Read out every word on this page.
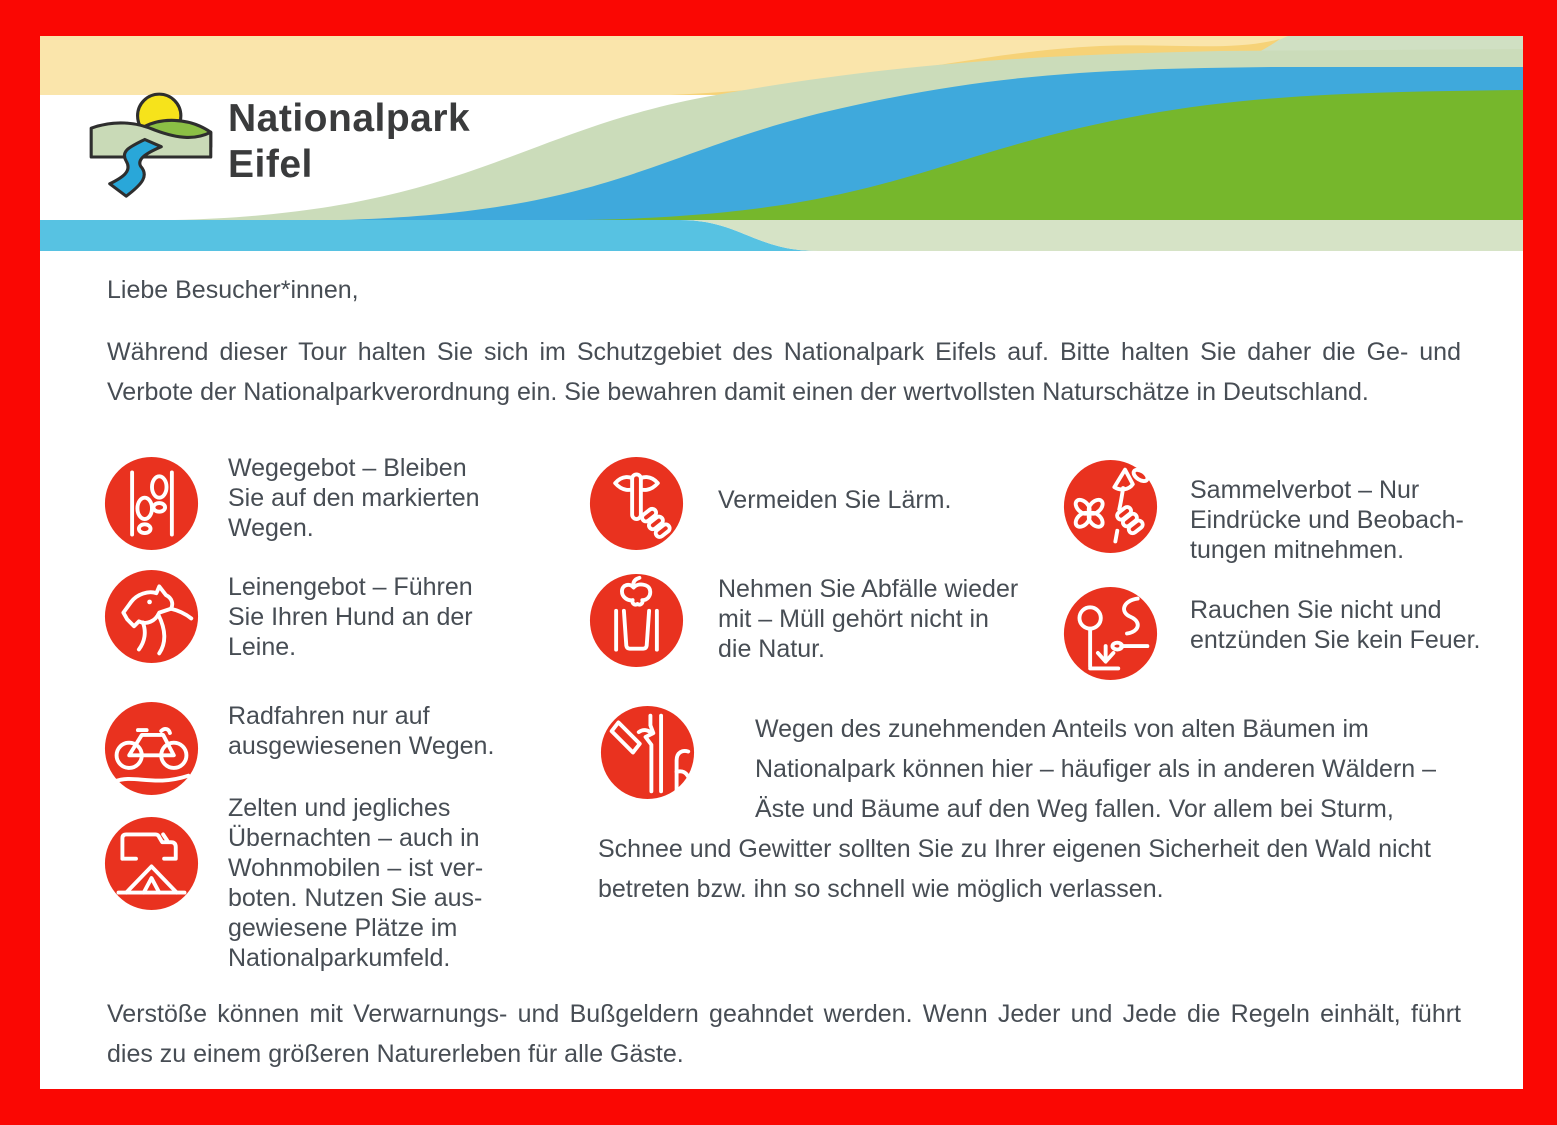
Nationalpark
Eifel
Liebe Besucher*innen,
Während dieser Tour halten Sie sich im Schutzgebiet des Nationalpark Eifels auf. Bitte halten Sie daher die Ge- und Verbote der Nationalparkverordnung ein. Sie bewahren damit einen der wertvollsten Naturschätze in Deutschland.
Wegegebot – Bleiben Sie auf den markierten Wegen.
Leinengebot – Führen Sie Ihren Hund an der Leine.
Radfahren nur auf ausgewiesenen Wegen.
Zelten und jegliches Übernachten – auch in Wohnmobilen – ist verboten. Nutzen Sie ausgewiesene Plätze im Nationalparkumfeld.
Vermeiden Sie Lärm.
Nehmen Sie Abfälle wieder mit – Müll gehört nicht in die Natur.
Sammelverbot – Nur Eindrücke und Beobachtungen mitnehmen.
Rauchen Sie nicht und entzünden Sie kein Feuer.
Wegen des zunehmenden Anteils von alten Bäumen im Nationalpark können hier – häufiger als in anderen Wäldern – Äste und Bäume auf den Weg fallen. Vor allem bei Sturm, Schnee und Gewitter sollten Sie zu Ihrer eigenen Sicherheit den Wald nicht betreten bzw. ihn so schnell wie möglich verlassen.
Verstöße können mit Verwarnungs- und Bußgeldern geahndet werden. Wenn Jeder und Jede die Regeln einhält, führt dies zu einem größeren Naturerleben für alle Gäste.
